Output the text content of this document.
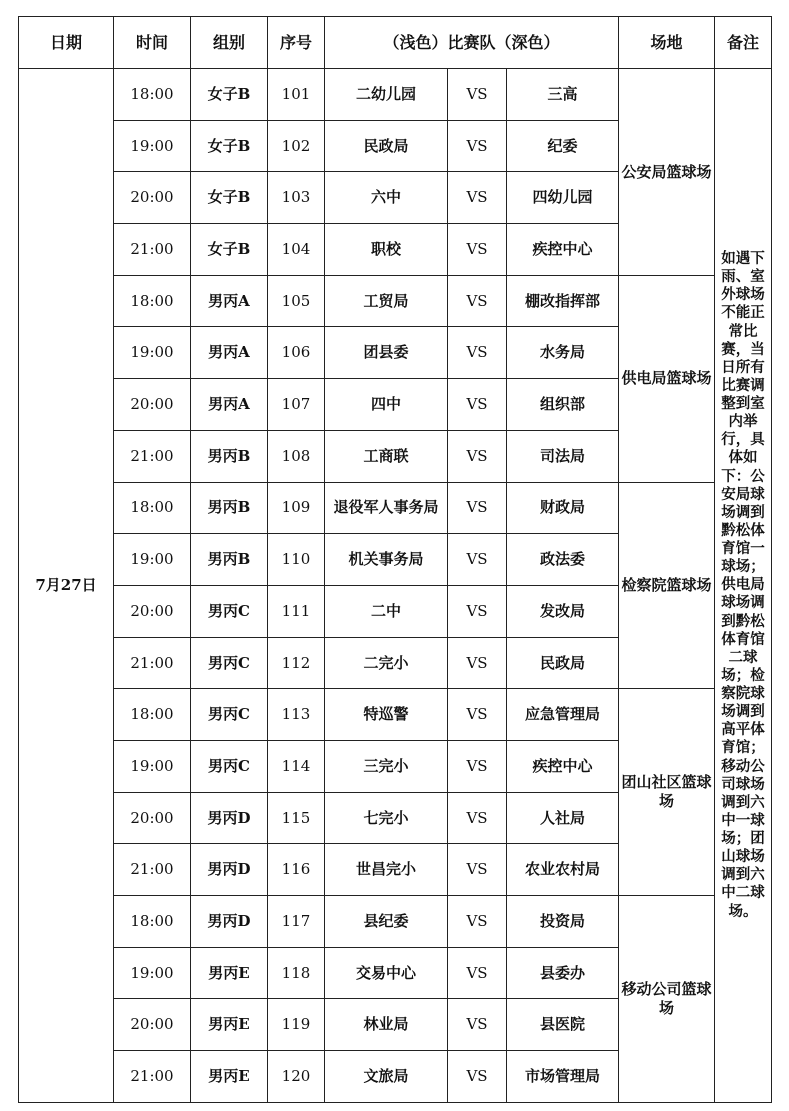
日期	时间	组别	序号	（浅色）比赛队（深色）			场地	备注
7月27日	18:00	女子B	101	二幼儿园	VS	三高	公安局篮球场	如遇下雨、室外球场不能正常比赛，当日所有比赛调整到室内举行，具体如下：公安局球场调到黔松体育馆一球场；供电局球场调到黔松体育馆二球场；检察院球场调到高平体育馆；移动公司球场调到六中一球场；团山球场调到六中二球场。
	19:00	女子B	102	民政局	VS	纪委		
	20:00	女子B	103	六中	VS	四幼儿园		
	21:00	女子B	104	职校	VS	疾控中心		
	18:00	男丙A	105	工贸局	VS	棚改指挥部	供电局篮球场	
	19:00	男丙A	106	团县委	VS	水务局		
	20:00	男丙A	107	四中	VS	组织部		
	21:00	男丙B	108	工商联	VS	司法局		
	18:00	男丙B	109	退役军人事务局	VS	财政局	检察院篮球场	
	19:00	男丙B	110	机关事务局	VS	政法委		
	20:00	男丙C	111	二中	VS	发改局		
	21:00	男丙C	112	二完小	VS	民政局		
	18:00	男丙C	113	特巡警	VS	应急管理局	团山社区篮球场	
	19:00	男丙C	114	三完小	VS	疾控中心		
	20:00	男丙D	115	七完小	VS	人社局		
	21:00	男丙D	116	世昌完小	VS	农业农村局		
	18:00	男丙D	117	县纪委	VS	投资局	移动公司篮球场	
	19:00	男丙E	118	交易中心	VS	县委办		
	20:00	男丙E	119	林业局	VS	县医院		
	21:00	男丙E	120	文旅局	VS	市场管理局		
